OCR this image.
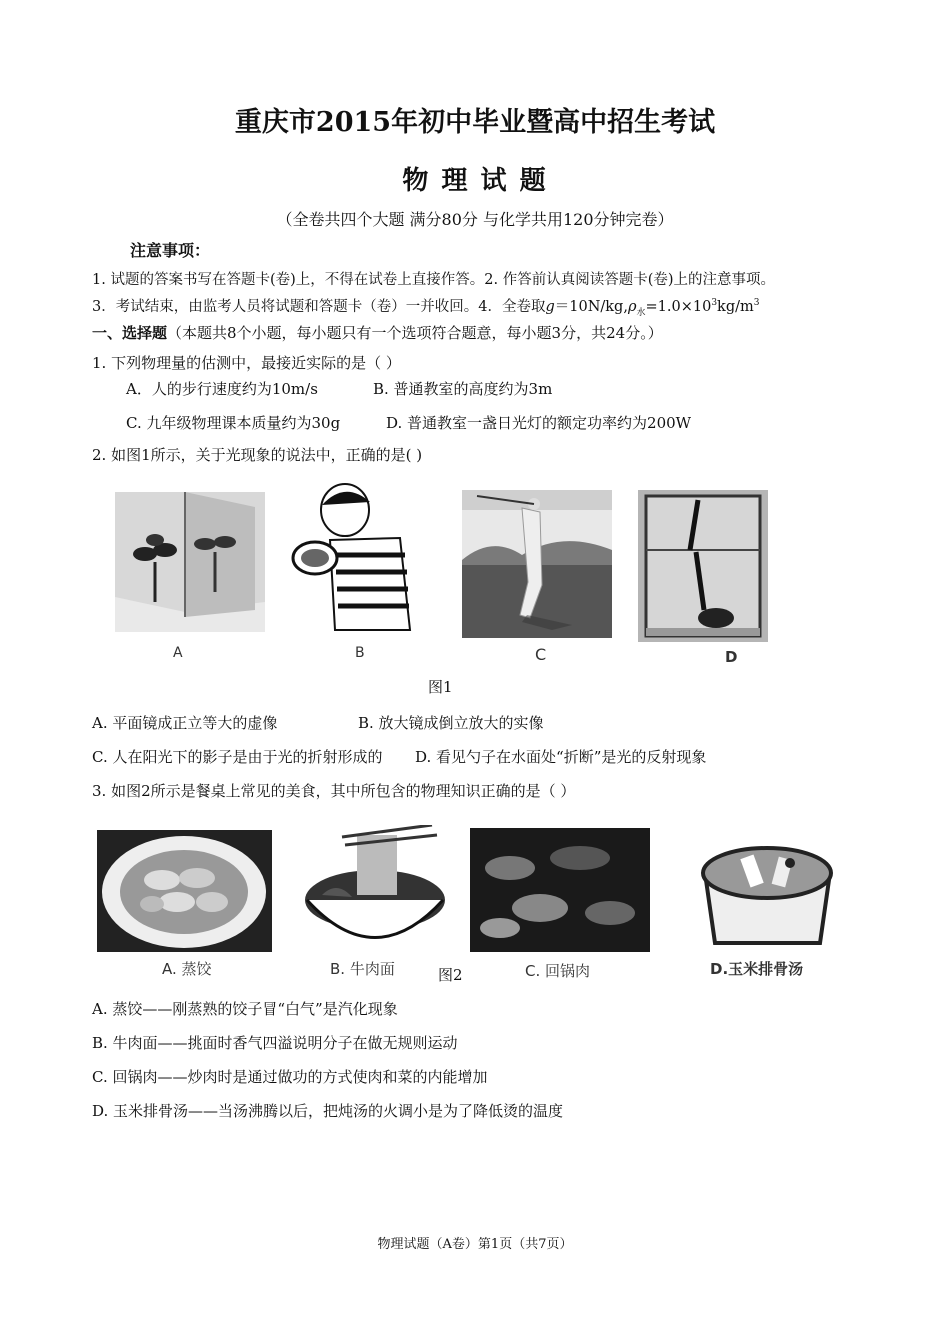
重庆市2015年初中毕业暨高中招生考试
物 理 试 题
（全卷共四个大题 满分80分 与化学共用120分钟完卷）
注意事项：
1. 试题的答案书写在答题卡(卷)上，不得在试卷上直接作答。2. 作答前认真阅读答题卡(卷)上的注意事项。
3．考试结束，由监考人员将试题和答题卡（卷）一并收回。4．全卷取$g=10N/kg,\rho_水=1.0\times 10^3kg/m^3$
一、选择题（本题共8个小题，每小题只有一个选项符合题意，每小题3分，共24分。）
1. 下列物理量的估测中，最接近实际的是（ ）
A．人的步行速度约为10m/s	B. 普通教室的高度约为3m
C. 九年级物理课本质量约为30g	D. 普通教室一盏日光灯的额定功率约为200W
2. 如图1所示，关于光现象的说法中，正确的是( )
A	B	C	D
图1
A. 平面镜成正立等大的虚像	B. 放大镜成倒立放大的实像
C. 人在阳光下的影子是由于光的折射形成的 D. 看见勺子在水面处“折断”是光的反射现象
3. 如图2所示是餐桌上常见的美食，其中所包含的物理知识正确的是（ ）
A. 蒸饺	B. 牛肉面	C. 回锅肉	D.玉米排骨汤
图2
A. 蒸饺——刚蒸熟的饺子冒“白气”是汽化现象
B. 牛肉面——挑面时香气四溢说明分子在做无规则运动
C. 回锅肉——炒肉时是通过做功的方式使肉和菜的内能增加
D. 玉米排骨汤——当汤沸腾以后，把炖汤的火调小是为了降低烫的温度
物理试题（A卷）第1页（共7页）
